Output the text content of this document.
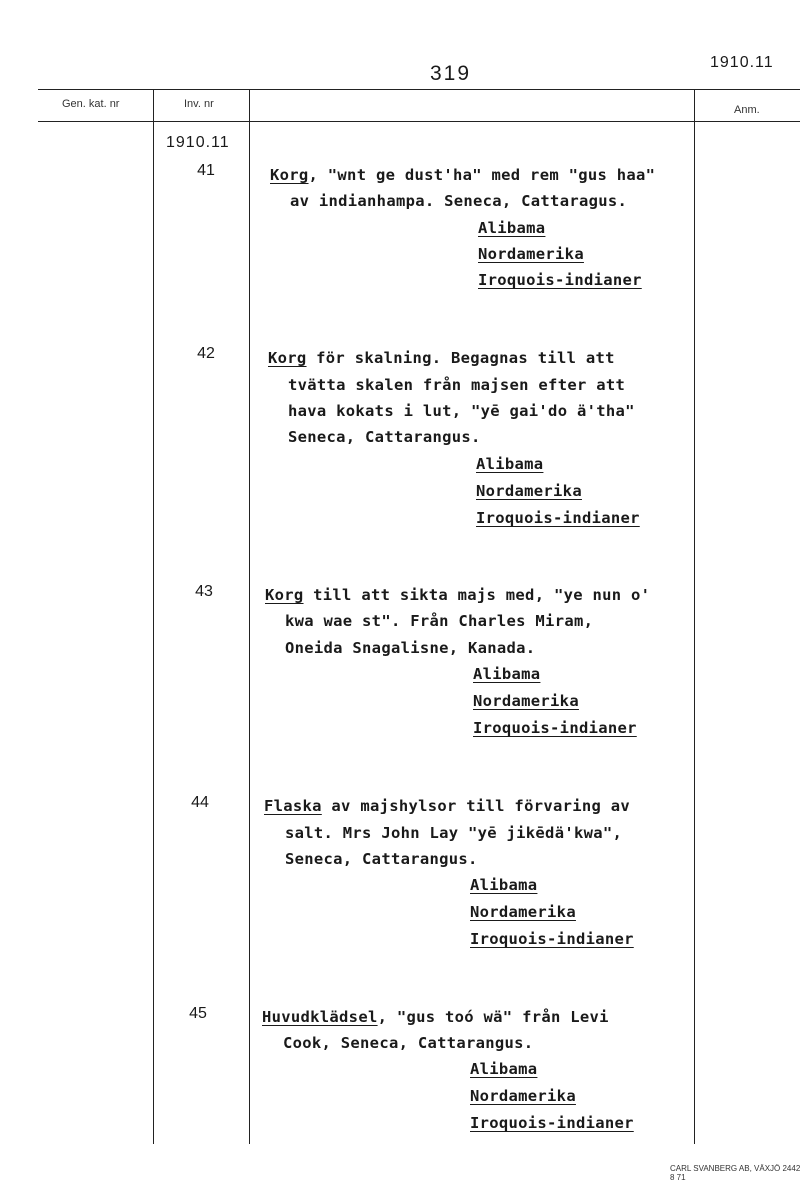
319	1910.11
Gen. kat. nr	Inv. nr	Anm.
1910.11
41	Korg, "wnt ge dust'ha" med rem "gus haa"
av indianhampa. Seneca, Cattaragus.
Alibama
Nordamerika
Iroquois-indianer
42	Korg för skalning. Begagnas till att
tvätta skalen från majsen efter att
hava kokats i lut, "yē gai'do ä'tha"
Seneca, Cattarangus.
Alibama
Nordamerika
Iroquois-indianer
43	Korg till att sikta majs med, "ye nun o'
kwa wae st". Från Charles Miram,
Oneida Snagalisne, Kanada.
Alibama
Nordamerika
Iroquois-indianer
44	Flaska av majshylsor till förvaring av
salt. Mrs John Lay "yē jikēdä'kwa",
Seneca, Cattarangus.
Alibama
Nordamerika
Iroquois-indianer
45	Huvudklädsel, "gus toó wä" från Levi
Cook, Seneca, Cattarangus.
Alibama
Nordamerika
Iroquois-indianer
CARL SVANBERG AB, VÄXJÖ 2442 8 71
